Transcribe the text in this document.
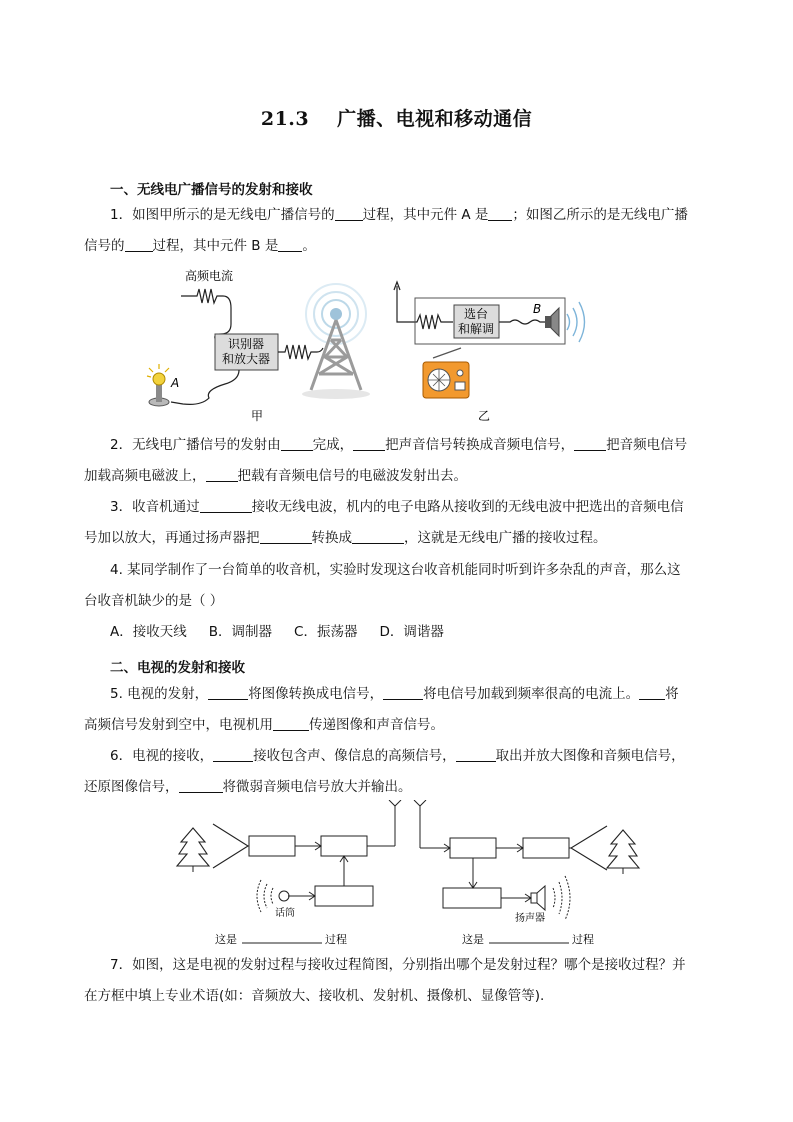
21.3 广播、电视和移动通信
一、无线电广播信号的发射和接收
1．如图甲所示的是无线电广播信号的 过程，其中元件 A 是 ；如图乙所示的是无线电广播
信号的 过程，其中元件 B 是 。
高频电流
识别器
和放大器
A
甲
选台
和解调
B
乙
2．无线电广播信号的发射由 完成， 把声音信号转换成音频电信号， 把音频电信号
加载高频电磁波上， 把载有音频电信号的电磁波发射出去。
3．收音机通过	接收无线电波，机内的电子电路从接收到的无线电波中把选出的音频电信
号加以放大，再通过扬声器把	转换成	，这就是无线电广播的接收过程。
4. 某同学制作了一台简单的收音机，实验时发现这台收音机能同时听到许多杂乱的声音，那么这
台收音机缺少的是（ ）
A．接收天线 B．调制器 C．振荡器 D．调谐器
二、电视的发射和接收
5. 电视的发射，	将图像转换成电信号，	将电信号加载到频率很高的电流上。 将
高频信号发射到空中，电视机用	传递图像和声音信号。
6．电视的接收，	接收包含声、像信息的高频信号，	取出并放大图像和音频电信号，
还原图像信号，	将微弱音频电信号放大并输出。
话筒	扬声器
这是	过程	这是	过程
7．如图，这是电视的发射过程与接收过程简图，分别指出哪个是发射过程？哪个是接收过程？并
在方框中填上专业术语(如：音频放大、接收机、发射机、摄像机、显像管等).
